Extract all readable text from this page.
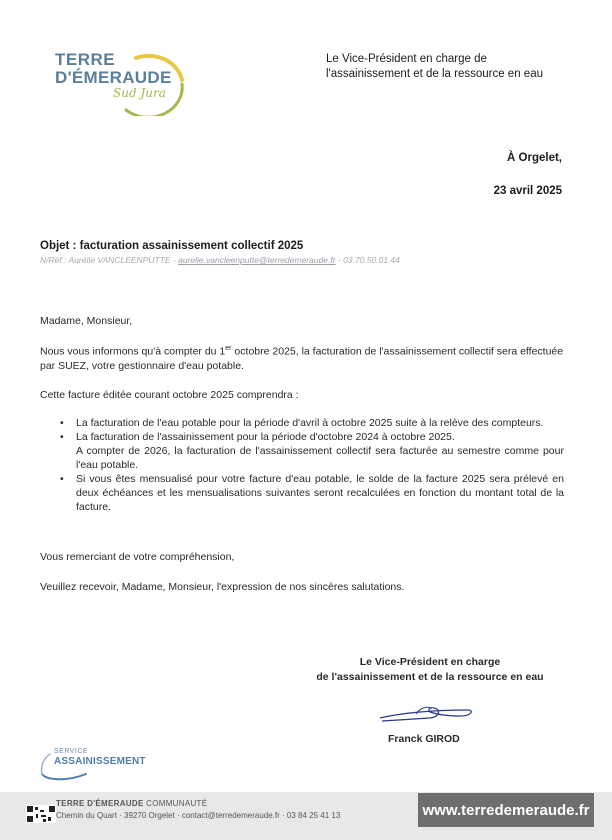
TERRE
D'ÉMERAUDE
Sud Jura
Le Vice-Président en charge de
l'assainissement et de la ressource en eau
À Orgelet,
23 avril 2025
Objet : facturation assainissement collectif 2025
N/Réf : Aurélie VANCLEENPUTTE - aurelie.vancleenputte@terredemeraude.fr - 03.70.50.01.44

Madame, Monsieur,

Nous vous informons qu'à compter du 1er octobre 2025, la facturation de l'assainissement collectif sera effectuée par SUEZ, votre gestionnaire d'eau potable.

Cette facture éditée courant octobre 2025 comprendra :

• La facturation de l'eau potable pour la période d'avril à octobre 2025 suite à la relève des compteurs.
• La facturation de l'assainissement pour la période d'octobre 2024 à octobre 2025.
A compter de 2026, la facturation de l'assainissement collectif sera facturée au semestre comme pour l'eau potable.
• Si vous êtes mensualisé pour votre facture d'eau potable, le solde de la facture 2025 sera prélevé en deux échéances et les mensualisations suivantes seront recalculées en fonction du montant total de la facture.

Vous remerciant de votre compréhension,

Veuillez recevoir, Madame, Monsieur, l'expression de nos sincères salutations.

Le Vice-Président en charge
de l'assainissement et de la ressource en eau
Franck GIROD
SERVICE
ASSAINISSEMENT
TERRE D'ÉMERAUDE COMMUNAUTÉ
Chemin du Quart · 39270 Orgelet · contact@terredemeraude.fr · 03 84 25 41 13	www.terredemeraude.fr
